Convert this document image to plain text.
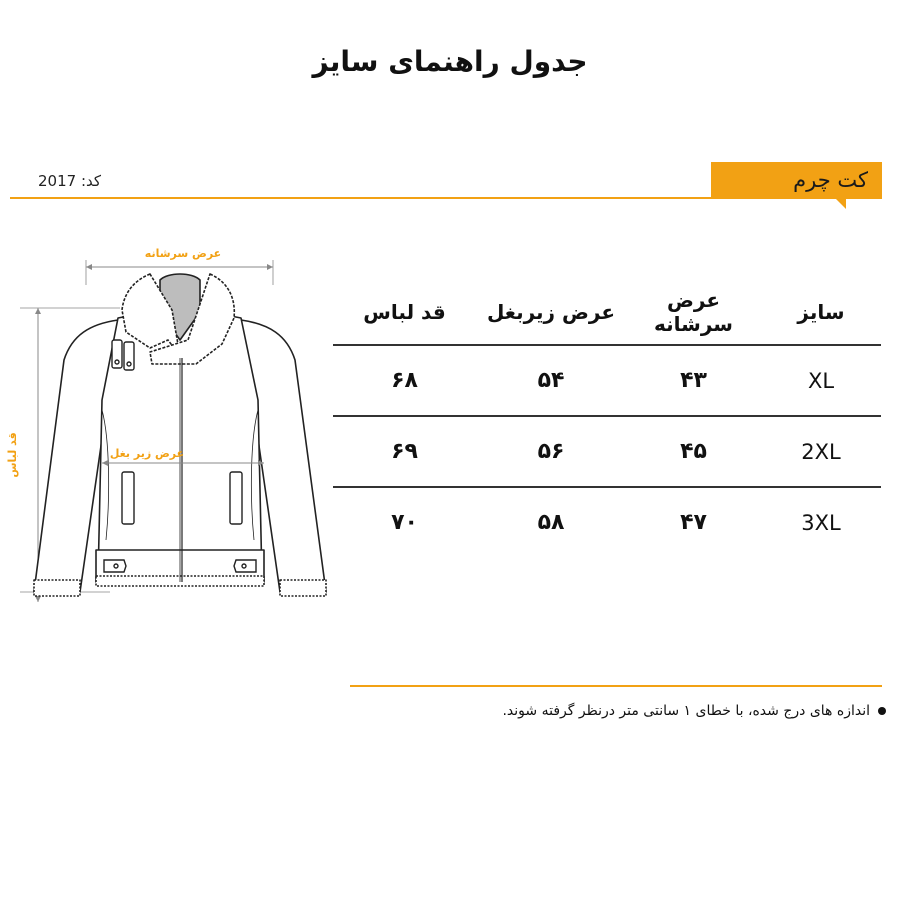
جدول راهنمای سایز
کت چرم
کد: 2017
عرض سرشانه
قد لباس	عرض زیر بغل
سایز	عرض سرشانه	عرض زیربغل	قد لباس
XL	۴۳	۵۴	۶۸
2XL	۴۵	۵۶	۶۹
3XL	۴۷	۵۸	۷۰
اندازه های درج شده، با خطای ۱ سانتی متر درنظر گرفته شوند.
